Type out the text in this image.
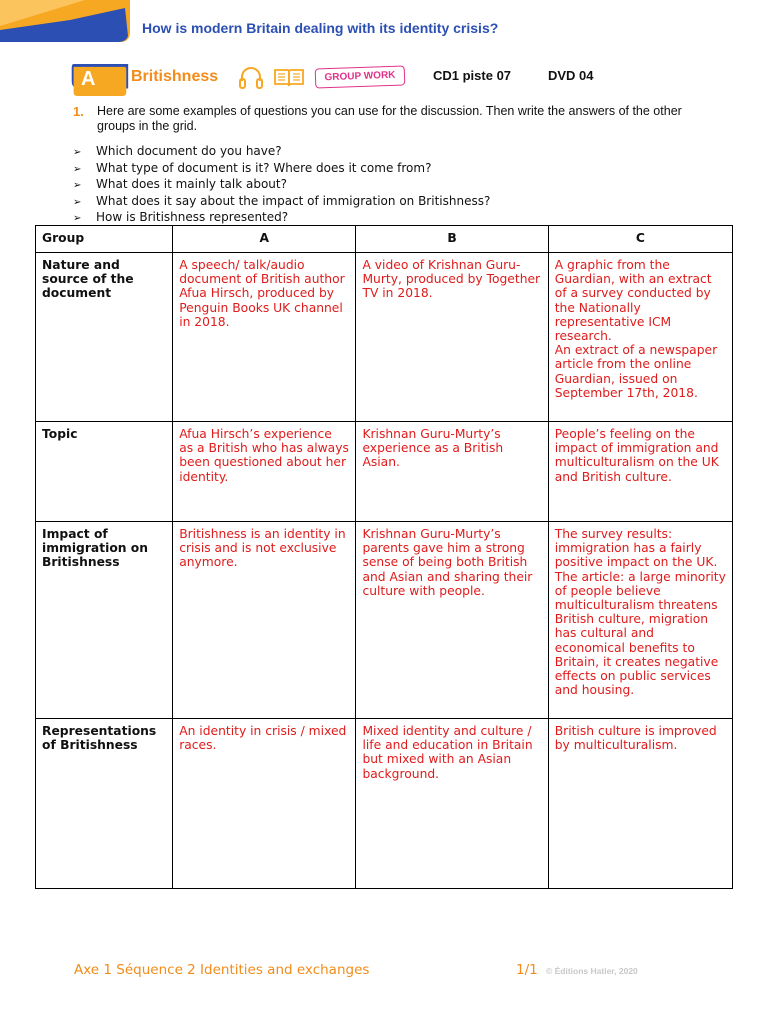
How is modern Britain dealing with its identity crisis?
A Britishness	GROUP WORK	CD1 piste 07	DVD 04
1. Here are some examples of questions you can use for the discussion. Then write the answers of the other groups in the grid.
➢ Which document do you have?
➢ What type of document is it? Where does it come from?
➢ What does it mainly talk about?
➢ What does it say about the impact of immigration on Britishness?
➢ How is Britishness represented?
Group	A	B	C
Nature and source of the document	A speech/ talk/audio document of British author Afua Hirsch, produced by Penguin Books UK channel in 2018.	A video of Krishnan Guru-Murty, produced by Together TV in 2018.	A graphic from the Guardian, with an extract of a survey conducted by the Nationally representative ICM research.
An extract of a newspaper article from the online Guardian, issued on September 17th, 2018.
Topic	Afua Hirsch’s experience as a British who has always been questioned about her identity.	Krishnan Guru-Murty’s experience as a British Asian.	People’s feeling on the impact of immigration and multiculturalism on the UK and British culture.
Impact of immigration on Britishness	Britishness is an identity in crisis and is not exclusive anymore.	Krishnan Guru-Murty’s parents gave him a strong sense of being both British and Asian and sharing their culture with people.	The survey results: immigration has a fairly positive impact on the UK.
The article: a large minority of people believe multiculturalism threatens British culture, migration has cultural and economical benefits to Britain, it creates negative effects on public services and housing.
Representations of Britishness	An identity in crisis / mixed races.	Mixed identity and culture / life and education in Britain but mixed with an Asian background.	British culture is improved by multiculturalism.
Axe 1 Séquence 2 Identities and exchanges	1/1 © Éditions Hatier, 2020
